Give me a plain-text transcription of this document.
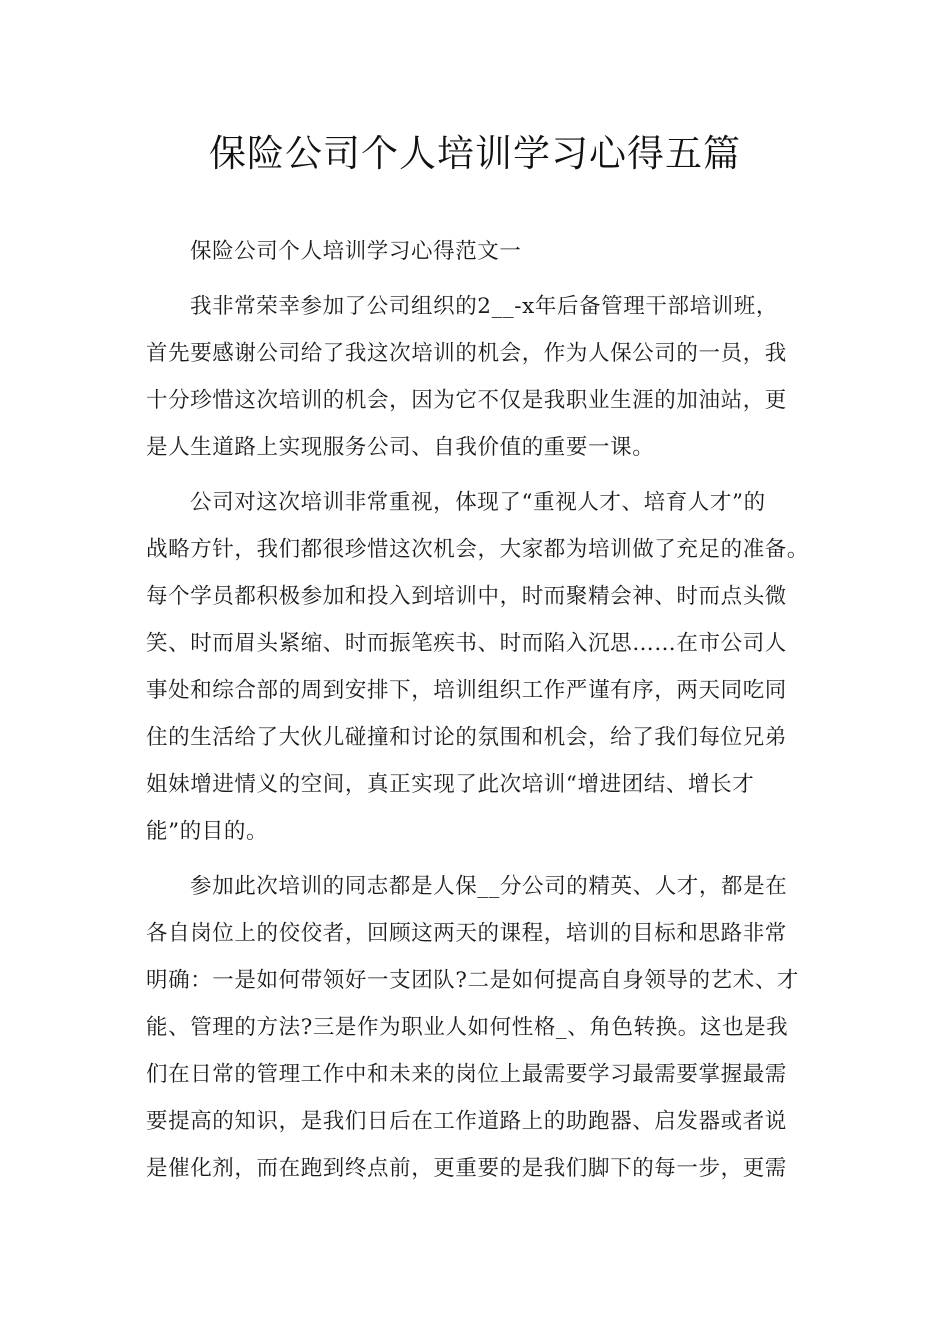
保险公司个人培训学习心得五篇
保险公司个人培训学习心得范文一
我非常荣幸参加了公司组织的2__-x年后备管理干部培训班，
首先要感谢公司给了我这次培训的机会，作为人保公司的一员，我
十分珍惜这次培训的机会，因为它不仅是我职业生涯的加油站，更
是人生道路上实现服务公司、自我价值的重要一课。
公司对这次培训非常重视，体现了“重视人才、培育人才”的
战略方针，我们都很珍惜这次机会，大家都为培训做了充足的准备。
每个学员都积极参加和投入到培训中，时而聚精会神、时而点头微
笑、时而眉头紧缩、时而振笔疾书、时而陷入沉思……在市公司人
事处和综合部的周到安排下，培训组织工作严谨有序，两天同吃同
住的生活给了大伙儿碰撞和讨论的氛围和机会，给了我们每位兄弟
姐妹增进情义的空间，真正实现了此次培训“增进团结、增长才
能”的目的。
参加此次培训的同志都是人保__分公司的精英、人才，都是在
各自岗位上的佼佼者，回顾这两天的课程，培训的目标和思路非常
明确：一是如何带领好一支团队?二是如何提高自身领导的艺术、才
能、管理的方法?三是作为职业人如何性格_、角色转换。这也是我
们在日常的管理工作中和未来的岗位上最需要学习最需要掌握最需
要提高的知识，是我们日后在工作道路上的助跑器、启发器或者说
是催化剂，而在跑到终点前，更重要的是我们脚下的每一步，更需
